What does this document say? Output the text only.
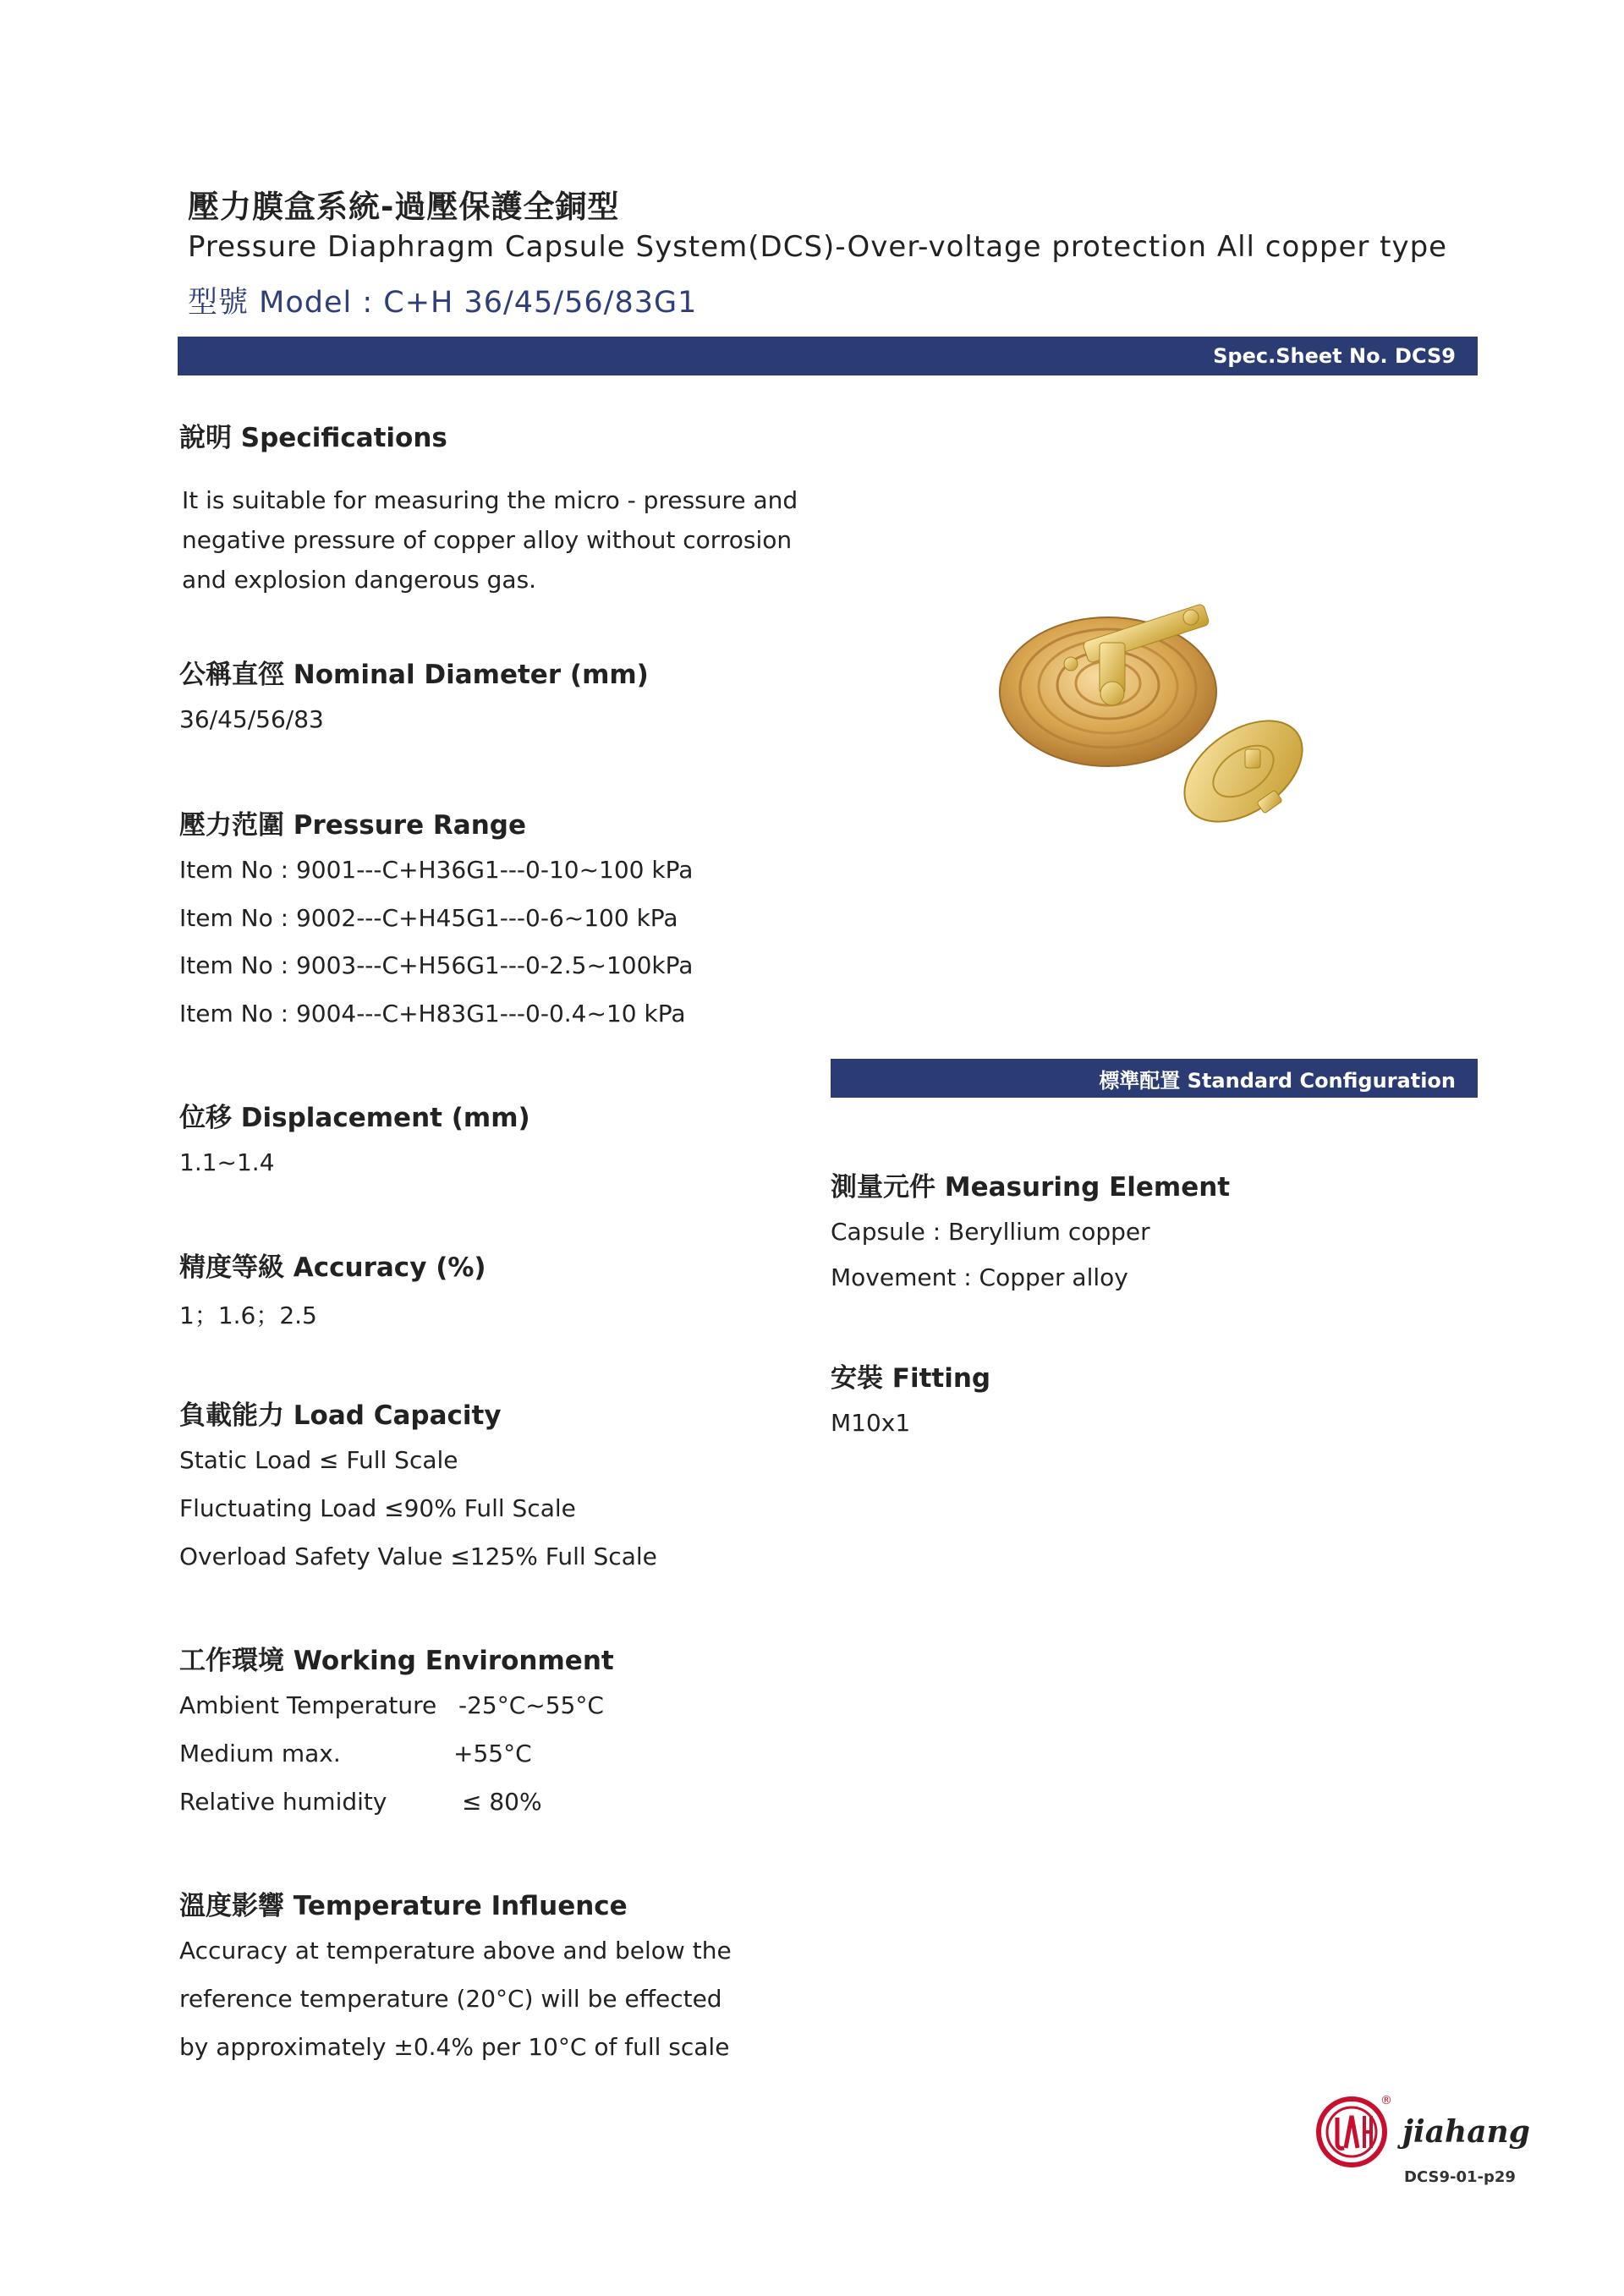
壓力膜盒系統-過壓保護全銅型
Pressure Diaphragm Capsule System(DCS)-Over-voltage protection All copper type
型號 Model : C+H 36/45/56/83G1
Spec.Sheet No. DCS9
說明 Specifications
It is suitable for measuring the micro - pressure and
negative pressure of copper alloy without corrosion
and explosion dangerous gas.
公稱直徑 Nominal Diameter (mm)
36/45/56/83
壓力范圍 Pressure Range
Item No : 9001---C+H36G1---0-10~100 kPa
Item No : 9002---C+H45G1---0-6~100 kPa
Item No : 9003---C+H56G1---0-2.5~100kPa
Item No : 9004---C+H83G1---0-0.4~10 kPa
位移 Displacement (mm)
1.1~1.4
精度等級 Accuracy (%)
1；1.6；2.5
負載能力 Load Capacity
Static Load ≤ Full Scale
Fluctuating Load ≤90% Full Scale
Overload Safety Value ≤125% Full Scale
工作環境 Working Environment
Ambient Temperature -25°C~55°C
Medium max.	+55°C
Relative humidity	≤ 80%
溫度影響 Temperature Influence
Accuracy at temperature above and below the
reference temperature (20°C) will be effected
by approximately ±0.4% per 10°C of full scale
標準配置 Standard Configuration
測量元件 Measuring Element
Capsule : Beryllium copper
Movement : Copper alloy
安裝 Fitting
M10x1
®
jiahang
DCS9-01-p29
